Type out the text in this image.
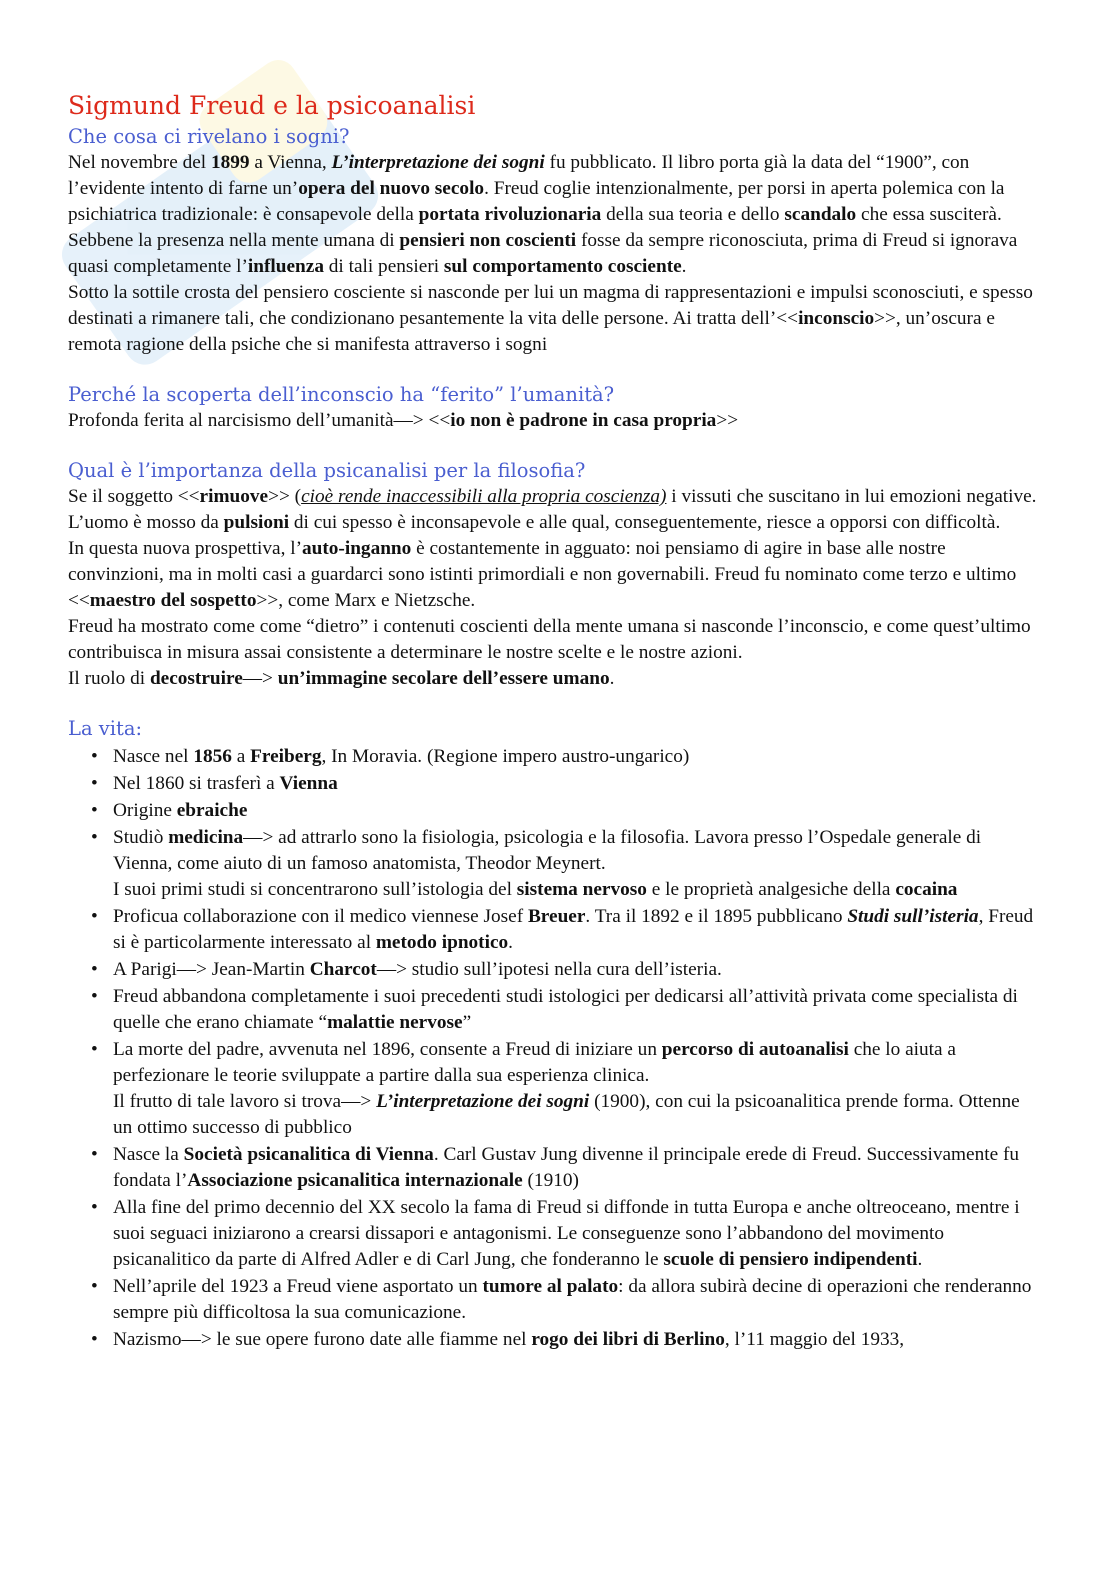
Sigmund Freud e la psicoanalisi
Che cosa ci rivelano i sogni?

Nel novembre del 1899 a Vienna, L’interpretazione dei sogni fu pubblicato. Il libro porta già la data del “1900”, con l’evidente intento di farne un’opera del nuovo secolo. Freud coglie intenzionalmente, per porsi in aperta polemica con la psichiatrica tradizionale: è consapevole della portata rivoluzionaria della sua teoria e dello scandalo che essa susciterà.

Sebbene la presenza nella mente umana di pensieri non coscienti fosse da sempre riconosciuta, prima di Freud si ignorava quasi completamente l’influenza di tali pensieri sul comportamento cosciente.

Sotto la sottile crosta del pensiero cosciente si nasconde per lui un magma di rappresentazioni e impulsi sconosciuti, e spesso destinati a rimanere tali, che condizionano pesantemente la vita delle persone. Ai tratta dell’<<inconscio>>, un’oscura e remota ragione della psiche che si manifesta attraverso i sogni

Perché la scoperta dell’inconscio ha “ferito” l’umanità?

Profonda ferita al narcisismo dell’umanità—> <<io non è padrone in casa propria>>

Qual è l’importanza della psicanalisi per la filosofia?

Se il soggetto <<rimuove>> (cioè rende inaccessibili alla propria coscienza) i vissuti che suscitano in lui emozioni negative. L’uomo è mosso da pulsioni di cui spesso è inconsapevole e alle qual, conseguentemente, riesce a opporsi con difficoltà.

In questa nuova prospettiva, l’auto-inganno è costantemente in agguato: noi pensiamo di agire in base alle nostre convinzioni, ma in molti casi a guardarci sono istinti primordiali e non governabili. Freud fu nominato come terzo e ultimo <<maestro del sospetto>>, come Marx e Nietzsche.

Freud ha mostrato come come “dietro” i contenuti coscienti della mente umana si nasconde l’inconscio, e come quest’ultimo contribuisca in misura assai consistente a determinare le nostre scelte e le nostre azioni.

Il ruolo di decostruire—> un’immagine secolare dell’essere umano.

La vita:
• Nasce nel 1856 a Freiberg, In Moravia. (Regione impero austro-ungarico)
• Nel 1860 si trasferì a Vienna
• Origine ebraiche
• Studiò medicina—> ad attrarlo sono la fisiologia, psicologia e la filosofia. Lavora presso l’Ospedale generale di Vienna, come aiuto di un famoso anatomista, Theodor Meynert.
I suoi primi studi si concentrarono sull’istologia del sistema nervoso e le proprietà analgesiche della cocaina
• Proficua collaborazione con il medico viennese Josef Breuer. Tra il 1892 e il 1895 pubblicano Studi sull’isteria, Freud si è particolarmente interessato al metodo ipnotico.
• A Parigi—> Jean-Martin Charcot—> studio sull’ipotesi nella cura dell’isteria.
• Freud abbandona completamente i suoi precedenti studi istologici per dedicarsi all’attività privata come specialista di quelle che erano chiamate “malattie nervose”
• La morte del padre, avvenuta nel 1896, consente a Freud di iniziare un percorso di autoanalisi che lo aiuta a perfezionare le teorie sviluppate a partire dalla sua esperienza clinica.
Il frutto di tale lavoro si trova—> L’interpretazione dei sogni (1900), con cui la psicoanalitica prende forma. Ottenne un ottimo successo di pubblico
• Nasce la Società psicanalitica di Vienna. Carl Gustav Jung divenne il principale erede di Freud. Successivamente fu fondata l’Associazione psicanalitica internazionale (1910)
• Alla fine del primo decennio del XX secolo la fama di Freud si diffonde in tutta Europa e anche oltreoceano, mentre i suoi seguaci iniziarono a crearsi dissapori e antagonismi. Le conseguenze sono l’abbandono del movimento psicanalitico da parte di Alfred Adler e di Carl Jung, che fonderanno le scuole di pensiero indipendenti.
• Nell’aprile del 1923 a Freud viene asportato un tumore al palato: da allora subirà decine di operazioni che renderanno sempre più difficoltosa la sua comunicazione.
• Nazismo—> le sue opere furono date alle fiamme nel rogo dei libri di Berlino, l’11 maggio del 1933,
